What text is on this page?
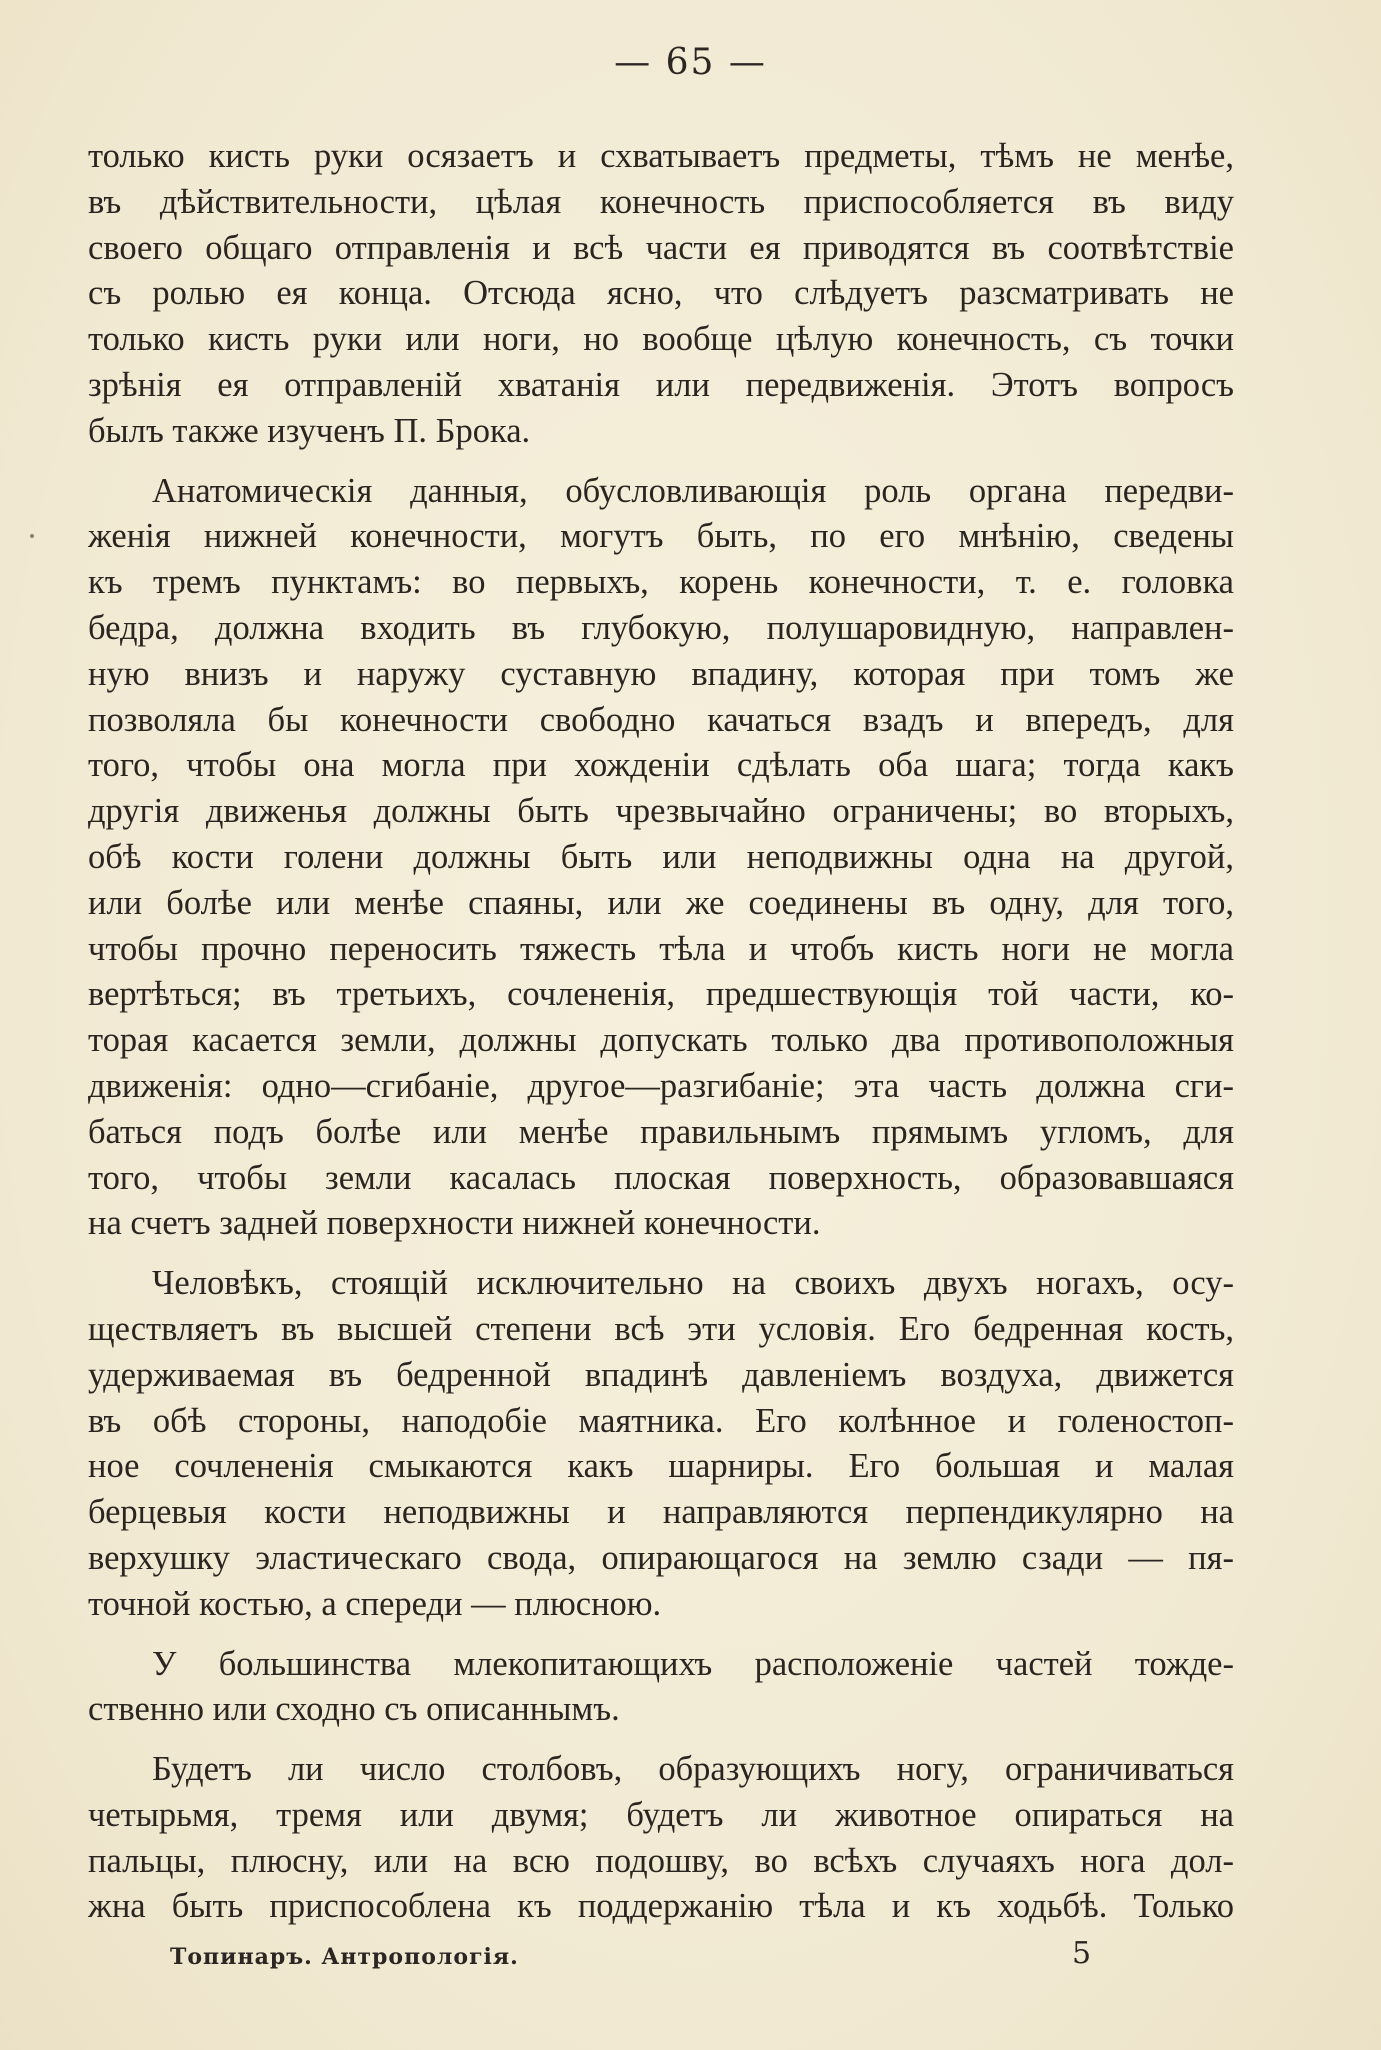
— 65 —
только кисть руки осязаетъ и схватываетъ предметы, тѣмъ не менѣе,
въ дѣйствительности, цѣлая конечность приспособляется въ виду
своего общаго отправленія и всѣ части ея приводятся въ соотвѣтствіе
съ ролью ея конца. Отсюда ясно, что слѣдуетъ разсматривать не
только кисть руки или ноги, но вообще цѣлую конечность, съ точки
зрѣнія ея отправленій хватанія или передвиженія. Этотъ вопросъ
былъ также изученъ П. Брока.
Анатомическія данныя, обусловливающія роль органа передви-
женія нижней конечности, могутъ быть, по его мнѣнію, сведены
къ тремъ пунктамъ: во первыхъ, корень конечности, т. е. головка
бедра, должна входить въ глубокую, полушаровидную, направлен-
ную внизъ и наружу суставную впадину, которая при томъ же
позволяла бы конечности свободно качаться взадъ и впередъ, для
того, чтобы она могла при хожденіи сдѣлать оба шага; тогда какъ
другія движенья должны быть чрезвычайно ограничены; во вторыхъ,
обѣ кости голени должны быть или неподвижны одна на другой,
или болѣе или менѣе спаяны, или же соединены въ одну, для того,
чтобы прочно переносить тяжесть тѣла и чтобъ кисть ноги не могла
вертѣться; въ третьихъ, сочлененія, предшествующія той части, ко-
торая касается земли, должны допускать только два противоположныя
движенія: одно—сгибаніе, другое—разгибаніе; эта часть должна сги-
баться подъ болѣе или менѣе правильнымъ прямымъ угломъ, для
того, чтобы земли касалась плоская поверхность, образовавшаяся
на счетъ задней поверхности нижней конечности.
Человѣкъ, стоящій исключительно на своихъ двухъ ногахъ, осу-
ществляетъ въ высшей степени всѣ эти условія. Его бедренная кость,
удерживаемая въ бедренной впадинѣ давленіемъ воздуха, движется
въ обѣ стороны, наподобіе маятника. Его колѣнное и голеностоп-
ное сочлененія смыкаются какъ шарниры. Его большая и малая
берцевыя кости неподвижны и направляются перпендикулярно на
верхушку эластическаго свода, опирающагося на землю сзади — пя-
точной костью, а спереди — плюсною.
У большинства млекопитающихъ расположеніе частей тожде-
ственно или сходно съ описаннымъ.
Будетъ ли число столбовъ, образующихъ ногу, ограничиваться
четырьмя, тремя или двумя; будетъ ли животное опираться на
пальцы, плюсну, или на всю подошву, во всѣхъ случаяхъ нога дол-
жна быть приспособлена къ поддержанію тѣла и къ ходьбѣ. Только
Топинаръ. Антропологія.	5
